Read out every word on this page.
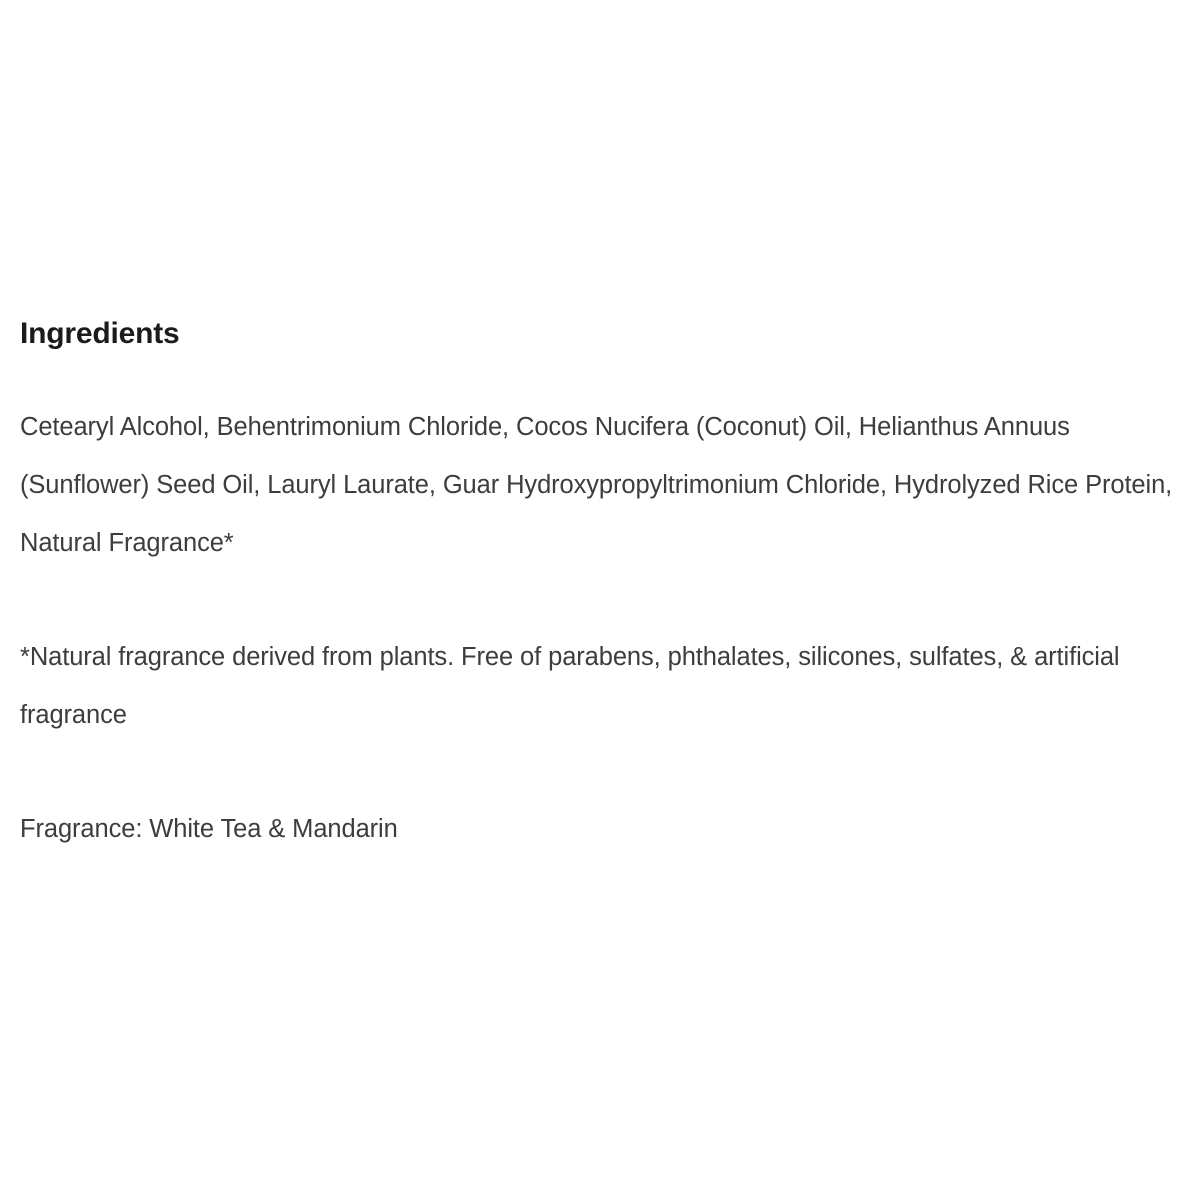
Ingredients

Cetearyl Alcohol, Behentrimonium Chloride, Cocos Nucifera (Coconut) Oil, Helianthus Annuus (Sunflower) Seed Oil, Lauryl Laurate, Guar Hydroxypropyltrimonium Chloride, Hydrolyzed Rice Protein, Natural Fragrance*

*Natural fragrance derived from plants. Free of parabens, phthalates, silicones, sulfates, & artificial fragrance

Fragrance: White Tea & Mandarin
